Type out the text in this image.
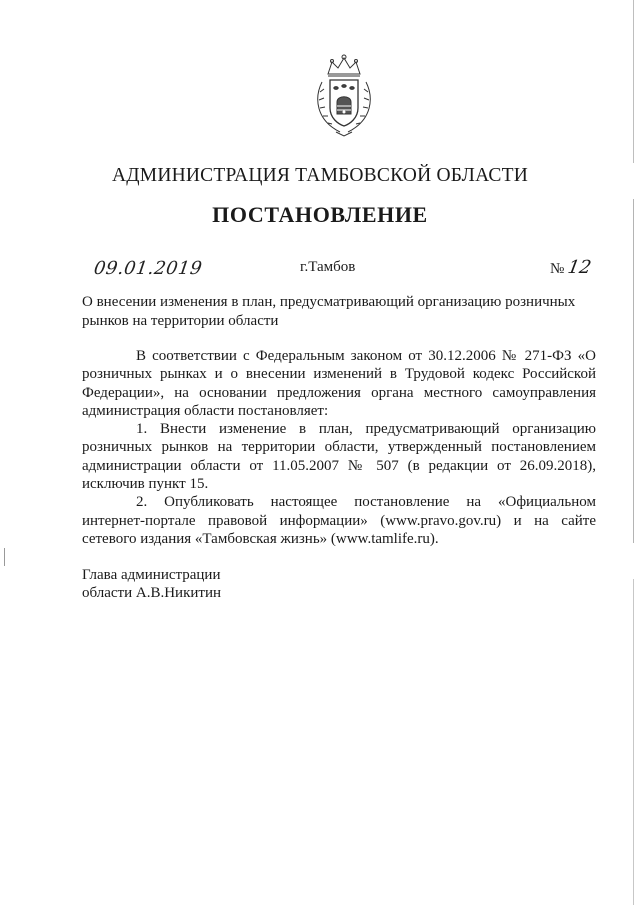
АДМИНИСТРАЦИЯ ТАМБОВСКОЙ ОБЛАСТИ
ПОСТАНОВЛЕНИЕ
09.01.2019	г.Тамбов	№ 12
О внесении изменения в план, предусматривающий организацию розничных рынков на территории области

В соответствии с Федеральным законом от 30.12.2006 № 271-ФЗ «О розничных рынках и о внесении изменений в Трудовой кодекс Российской Федерации», на основании предложения органа местного самоуправления администрация области постановляет:

1. Внести изменение в план, предусматривающий организацию розничных рынков на территории области, утвержденный постановлением администрации области от 11.05.2007 № 507 (в редакции от 26.09.2018), исключив пункт 15.

2. Опубликовать настоящее постановление на «Официальном интернет-портале правовой информации» (www.pravo.gov.ru) и на сайте сетевого издания «Тамбовская жизнь» (www.tamlife.ru).

Глава администрации
области А.В.Никитин
